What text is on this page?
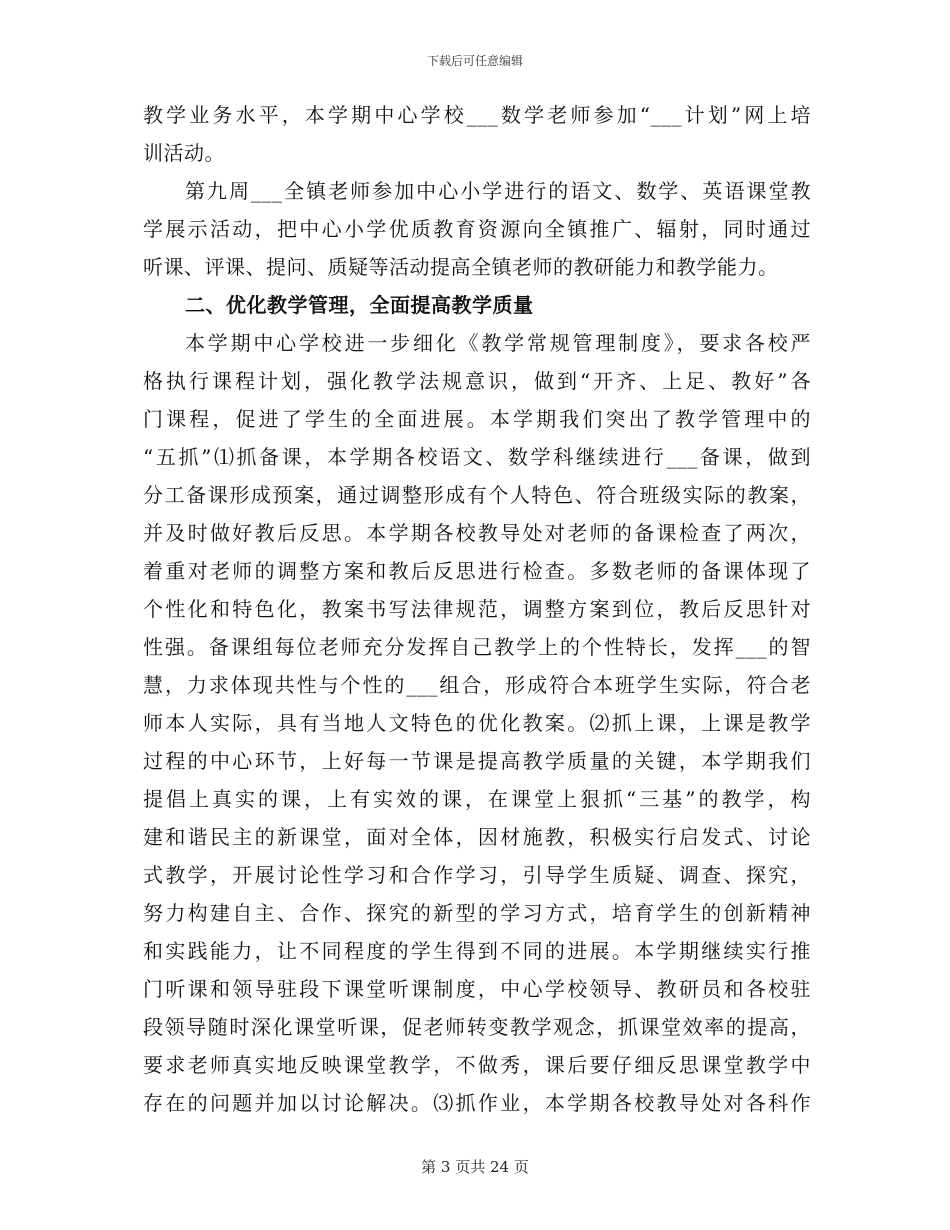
下载后可任意编辑
教学业务水平，本学期中心学校___数学老师参加“___计划”网上培
训活动。
第九周___全镇老师参加中心小学进行的语文、数学、英语课堂教
学展示活动，把中心小学优质教育资源向全镇推广、辐射，同时通过
听课、评课、提问、质疑等活动提高全镇老师的教研能力和教学能力。
二、优化教学管理，全面提高教学质量
本学期中心学校进一步细化《教学常规管理制度》，要求各校严
格执行课程计划，强化教学法规意识，做到“开齐、上足、教好”各
门课程，促进了学生的全面进展。本学期我们突出了教学管理中的
“五抓”⑴抓备课，本学期各校语文、数学科继续进行___备课，做到
分工备课形成预案，通过调整形成有个人特色、符合班级实际的教案，
并及时做好教后反思。本学期各校教导处对老师的备课检查了两次，
着重对老师的调整方案和教后反思进行检查。多数老师的备课体现了
个性化和特色化，教案书写法律规范，调整方案到位，教后反思针对
性强。备课组每位老师充分发挥自己教学上的个性特长，发挥___的智
慧，力求体现共性与个性的___组合，形成符合本班学生实际，符合老
师本人实际，具有当地人文特色的优化教案。⑵抓上课，上课是教学
过程的中心环节，上好每一节课是提高教学质量的关键，本学期我们
提倡上真实的课，上有实效的课，在课堂上狠抓“三基”的教学，构
建和谐民主的新课堂，面对全体，因材施教，积极实行启发式、讨论
式教学，开展讨论性学习和合作学习，引导学生质疑、调查、探究，
努力构建自主、合作、探究的新型的学习方式，培育学生的创新精神
和实践能力，让不同程度的学生得到不同的进展。本学期继续实行推
门听课和领导驻段下课堂听课制度，中心学校领导、教研员和各校驻
段领导随时深化课堂听课，促老师转变教学观念，抓课堂效率的提高，
要求老师真实地反映课堂教学，不做秀，课后要仔细反思课堂教学中
存在的问题并加以讨论解决。⑶抓作业，本学期各校教导处对各科作
第 3 页共 24 页
